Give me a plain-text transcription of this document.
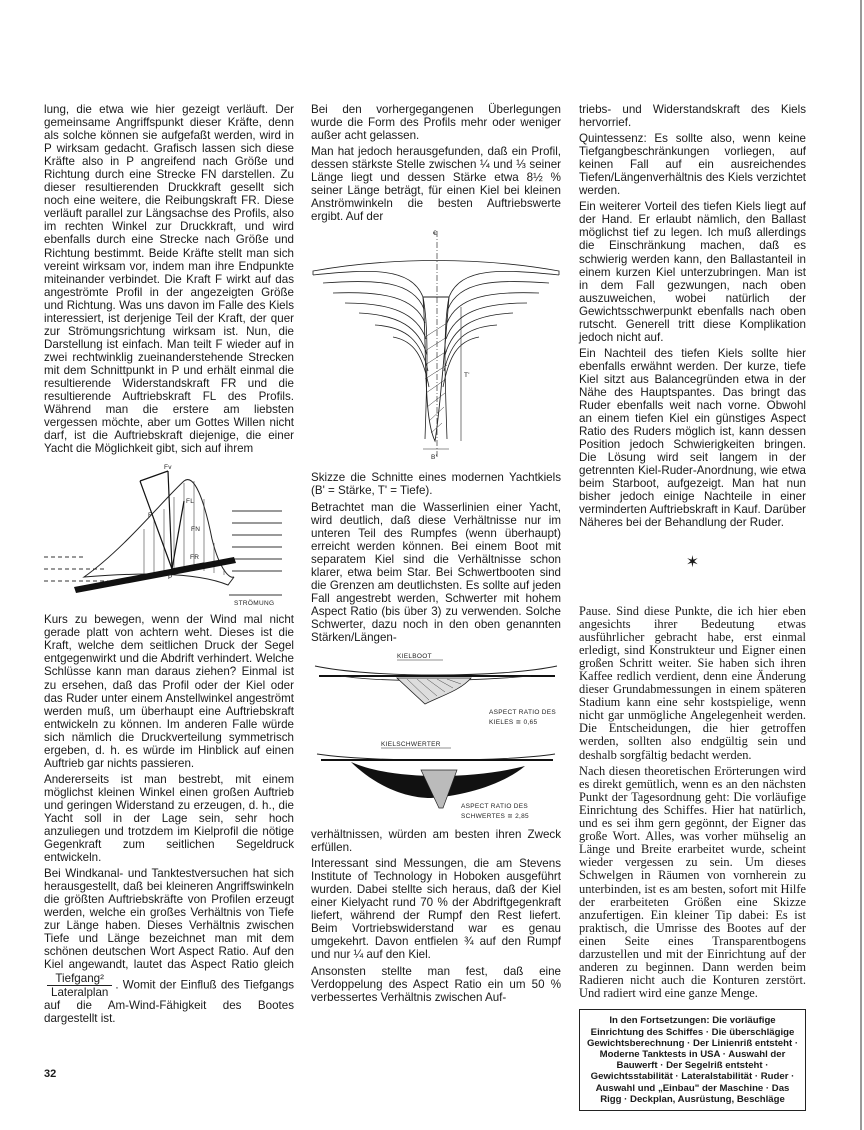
lung, die etwa wie hier gezeigt verläuft. Der gemeinsame Angriffspunkt dieser Kräfte, denn als solche können sie aufgefaßt werden, wird in P wirksam gedacht. Grafisch lassen sich diese Kräfte also in P angreifend nach Größe und Richtung durch eine Strecke FN darstellen. Zu dieser resultierenden Druckkraft gesellt sich noch eine weitere, die Reibungskraft FR. Diese verläuft parallel zur Längsachse des Profils, also im rechten Winkel zur Druckkraft, und wird ebenfalls durch eine Strecke nach Größe und Richtung bestimmt. Beide Kräfte stellt man sich vereint wirksam vor, indem man ihre Endpunkte miteinander verbindet. Die Kraft F wirkt auf das angeströmte Profil in der angezeigten Größe und Richtung. Was uns davon im Falle des Kiels interessiert, ist derjenige Teil der Kraft, der quer zur Strömungsrichtung wirksam ist. Nun, die Darstellung ist einfach. Man teilt F wieder auf in zwei rechtwinklig zueinanderstehende Strecken mit dem Schnittpunkt in P und erhält einmal die resultierende Widerstandskraft FR und die resultierende Auftriebskraft FL des Profils. Während man die erstere am liebsten vergessen möchte, aber um Gottes Willen nicht darf, ist die Auftriebskraft diejenige, die einer Yacht die Möglichkeit gibt, sich auf ihrem

Fv
FL
FN
F
P
FR
STRÖMUNG

Kurs zu bewegen, wenn der Wind mal nicht gerade platt von achtern weht. Dieses ist die Kraft, welche dem seitlichen Druck der Segel entgegenwirkt und die Abdrift verhindert. Welche Schlüsse kann man daraus ziehen? Einmal ist zu ersehen, daß das Profil oder der Kiel oder das Ruder unter einem Anstellwinkel angeströmt werden muß, um überhaupt eine Auftriebskraft entwickeln zu können. Im anderen Falle würde sich nämlich die Druckverteilung symmetrisch ergeben, d. h. es würde im Hinblick auf einen Auftrieb gar nichts passieren.

Andererseits ist man bestrebt, mit einem möglichst kleinen Winkel einen großen Auftrieb und geringen Widerstand zu erzeugen, d. h., die Yacht soll in der Lage sein, sehr hoch anzuliegen und trotzdem im Kielprofil die nötige Gegenkraft zum seitlichen Segeldruck entwickeln.

Bei Windkanal- und Tanktestversuchen hat sich herausgestellt, daß bei kleineren Angriffswinkeln die größten Auftriebskräfte von Profilen erzeugt werden, welche ein großes Verhältnis von Tiefe zur Länge haben. Dieses Verhältnis zwischen Tiefe und Länge bezeichnet man mit dem schönen deutschen Wort Aspect Ratio. Auf den Kiel angewandt, lautet das Aspect Ratio gleich
$\frac{\text{Tiefgang²}}{\text{Lateralplan}}$ . Womit der Einfluß des Tiefgangs auf die Am-Wind-Fähigkeit des Bootes dargestellt ist.

Bei den vorhergegangenen Überlegungen wurde die Form des Profils mehr oder weniger außer acht gelassen.

Man hat jedoch herausgefunden, daß ein Profil, dessen stärkste Stelle zwischen ¼ und ⅓ seiner Länge liegt und dessen Stärke etwa 8½ % seiner Länge beträgt, für einen Kiel bei kleinen Anströmwinkeln die besten Auftriebswerte ergibt. Auf der

€
T'
B'

Skizze die Schnitte eines modernen Yachtkiels (B' = Stärke, T' = Tiefe).

Betrachtet man die Wasserlinien einer Yacht, wird deutlich, daß diese Verhältnisse nur im unteren Teil des Rumpfes (wenn überhaupt) erreicht werden können. Bei einem Boot mit separatem Kiel sind die Verhältnisse schon klarer, etwa beim Star. Bei Schwertbooten sind die Grenzen am deutlichsten. Es sollte auf jeden Fall angestrebt werden, Schwerter mit hohem Aspect Ratio (bis über 3) zu verwenden. Solche Schwerter, dazu noch in den oben genannten Stärken/Längen-

KIELBOOT
ASPECT RATIO DES
KIELES ≅ 0,65
KIELSCHWERTER
ASPECT RATIO DES
SCHWERTES ≅ 2,85

verhältnissen, würden am besten ihren Zweck erfüllen.

Interessant sind Messungen, die am Stevens Institute of Technology in Hoboken ausgeführt wurden. Dabei stellte sich heraus, daß der Kiel einer Kielyacht rund 70 % der Abdriftgegenkraft liefert, während der Rumpf den Rest liefert. Beim Vortriebswiderstand war es genau umgekehrt. Davon entfielen ¾ auf den Rumpf und nur ¼ auf den Kiel.

Ansonsten stellte man fest, daß eine Verdoppelung des Aspect Ratio ein um 50 % verbessertes Verhältnis zwischen Auf-

triebs- und Widerstandskraft des Kiels hervorrief.

Quintessenz: Es sollte also, wenn keine Tiefgangbeschränkungen vorliegen, auf keinen Fall auf ein ausreichendes Tiefen/Längenverhältnis des Kiels verzichtet werden.

Ein weiterer Vorteil des tiefen Kiels liegt auf der Hand. Er erlaubt nämlich, den Ballast möglichst tief zu legen. Ich muß allerdings die Einschränkung machen, daß es schwierig werden kann, den Ballastanteil in einem kurzen Kiel unterzubringen. Man ist in dem Fall gezwungen, nach oben auszuweichen, wobei natürlich der Gewichtsschwerpunkt ebenfalls nach oben rutscht. Generell tritt diese Komplikation jedoch nicht auf.

Ein Nachteil des tiefen Kiels sollte hier ebenfalls erwähnt werden. Der kurze, tiefe Kiel sitzt aus Balancegründen etwa in der Nähe des Hauptspantes. Das bringt das Ruder ebenfalls weit nach vorne. Obwohl an einem tiefen Kiel ein günstiges Aspect Ratio des Ruders möglich ist, kann dessen Position jedoch Schwierigkeiten bringen. Die Lösung wird seit langem in der getrennten Kiel-Ruder-Anordnung, wie etwa beim Starboot, aufgezeigt. Man hat nun bisher jedoch einige Nachteile in einer verminderten Auftriebskraft in Kauf. Darüber Näheres bei der Behandlung der Ruder.

✶

Pause. Sind diese Punkte, die ich hier eben angesichts ihrer Bedeutung etwas ausführlicher gebracht habe, erst einmal erledigt, sind Konstrukteur und Eigner einen großen Schritt weiter. Sie haben sich ihren Kaffee redlich verdient, denn eine Änderung dieser Grundabmessungen in einem späteren Stadium kann eine sehr kostspielige, wenn nicht gar unmögliche Angelegenheit werden. Die Entscheidungen, die hier getroffen werden, sollten also endgültig sein und deshalb sorgfältig bedacht werden.

Nach diesen theoretischen Erörterungen wird es direkt gemütlich, wenn es an den nächsten Punkt der Tagesordnung geht: Die vorläufige Einrichtung des Schiffes. Hier hat natürlich, und es sei ihm gern gegönnt, der Eigner das große Wort. Alles, was vorher mühselig an Länge und Breite erarbeitet wurde, scheint wieder vergessen zu sein. Um dieses Schwelgen in Räumen von vornherein zu unterbinden, ist es am besten, sofort mit Hilfe der erarbeiteten Größen eine Skizze anzufertigen. Ein kleiner Tip dabei: Es ist praktisch, die Umrisse des Bootes auf der einen Seite eines Transparentbogens darzustellen und mit der Einrichtung auf der anderen zu beginnen. Dann werden beim Radieren nicht auch die Konturen zerstört. Und radiert wird eine ganze Menge.

In den Fortsetzungen: Die vorläufige Einrichtung des Schiffes · Die überschlägige Gewichtsberechnung · Der Linienriß entsteht · Moderne Tanktests in USA · Auswahl der Bauwerft · Der Segelriß entsteht · Gewichtsstabilität · Lateralstabilität · Ruder · Auswahl und „Einbau" der Maschine · Das Rigg · Deckplan, Ausrüstung, Beschläge
32
